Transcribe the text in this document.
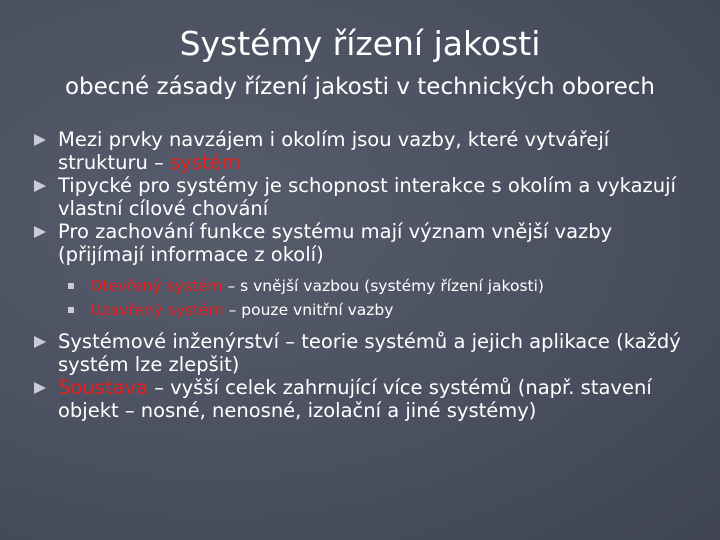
Systémy řízení jakosti
obecné zásady řízení jakosti v technických oborech
Mezi prvky navzájem i okolím jsou vazby, které vytvářejí strukturu – systém
Tipycké pro systémy je schopnost interakce s okolím a vykazují vlastní cílové chování
Pro zachování funkce systému mají význam vnější vazby (přijímají informace z okolí)
Otevřený systém – s vnější vazbou (systémy řízení jakosti)
Uzavřený systém – pouze vnitřní vazby
Systémové inženýrství – teorie systémů a jejich aplikace (každý systém lze zlepšit)
Soustava – vyšší celek zahrnující více systémů (např. stavení objekt – nosné, nenosné, izolační a jiné systémy)
